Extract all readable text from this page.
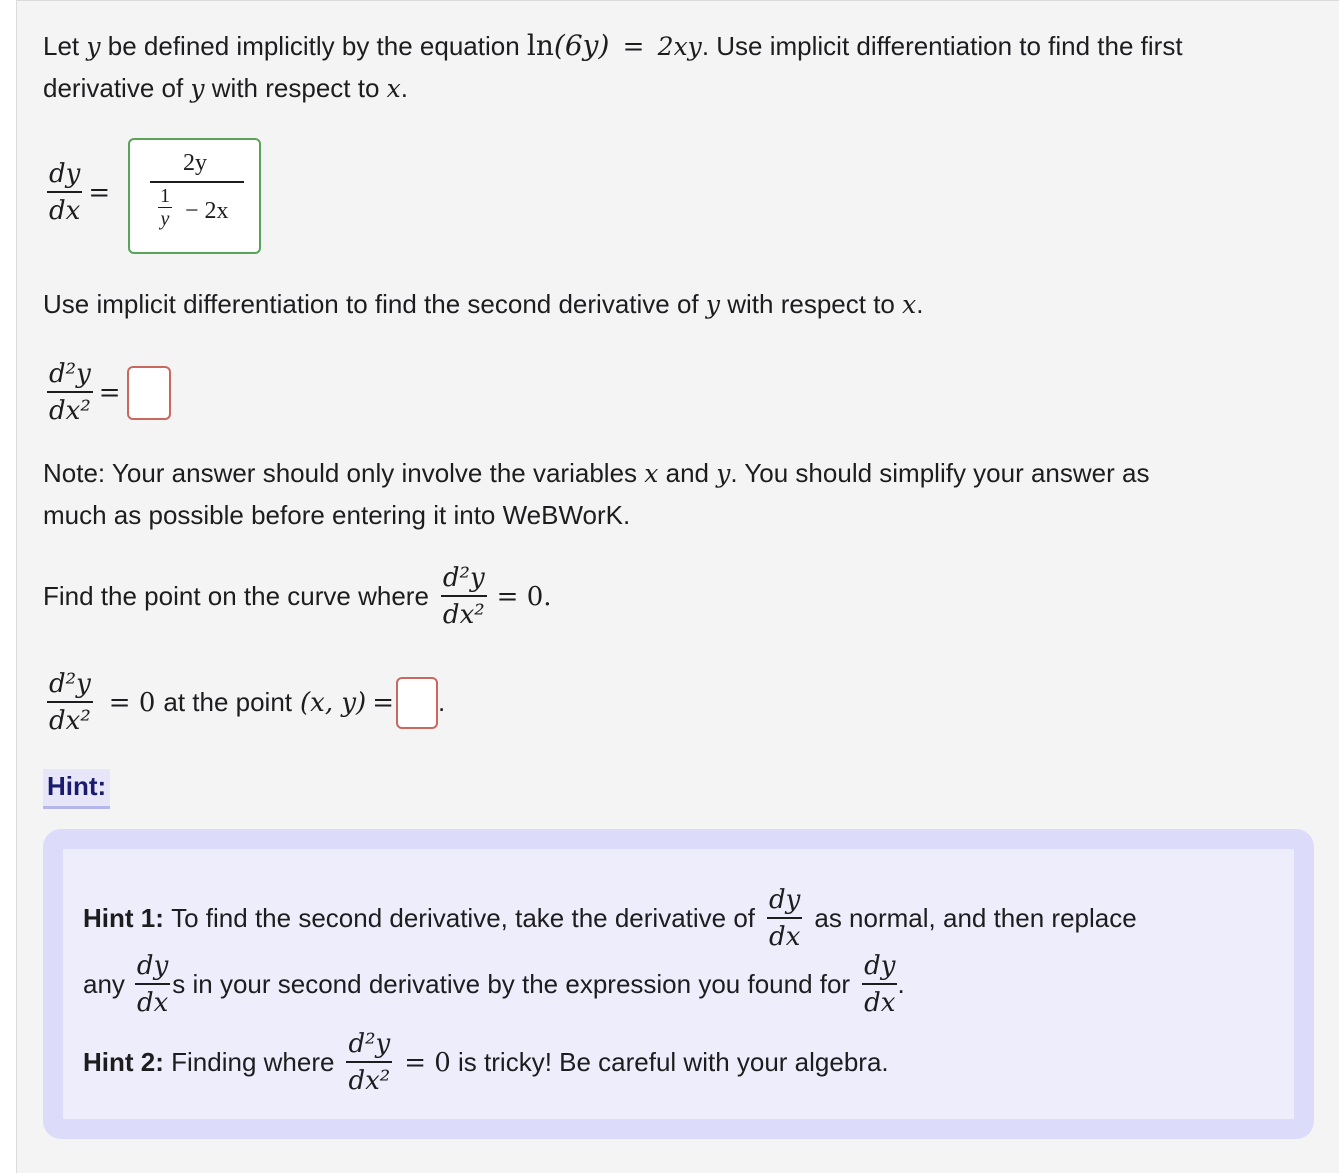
Let y be defined implicitly by the equation ln(6y) = 2xy. Use implicit differentiation to find the first
derivative of y with respect to x.
$\frac{dy}{dx}$ =
2y
1
y − 2x
Use implicit differentiation to find the second derivative of y with respect to x.
$\frac{\text{d²y}}{\text{dx²}}$ =
Note: Your answer should only involve the variables x and y. You should simplify your answer as
much as possible before entering it into WeBWorK.
Find the point on the curve where $\frac{\text{d²y}}{\text{dx²}} = 0$.
$\frac{\text{d²y}}{\text{dx²}} = 0$ at the point (x, y) = .
Hint:
Hint 1:
To find the second derivative, take the derivative of $\frac{dy}{dx}$ as normal, and then replace
any $\frac{dy}{dx}$ s in your second derivative by the expression you found for $\frac{dy}{dx}$ .
Hint 2:
Finding where $\frac{\text{d²y}}{\text{dx²}} = 0$
is tricky! Be careful with your algebra.
